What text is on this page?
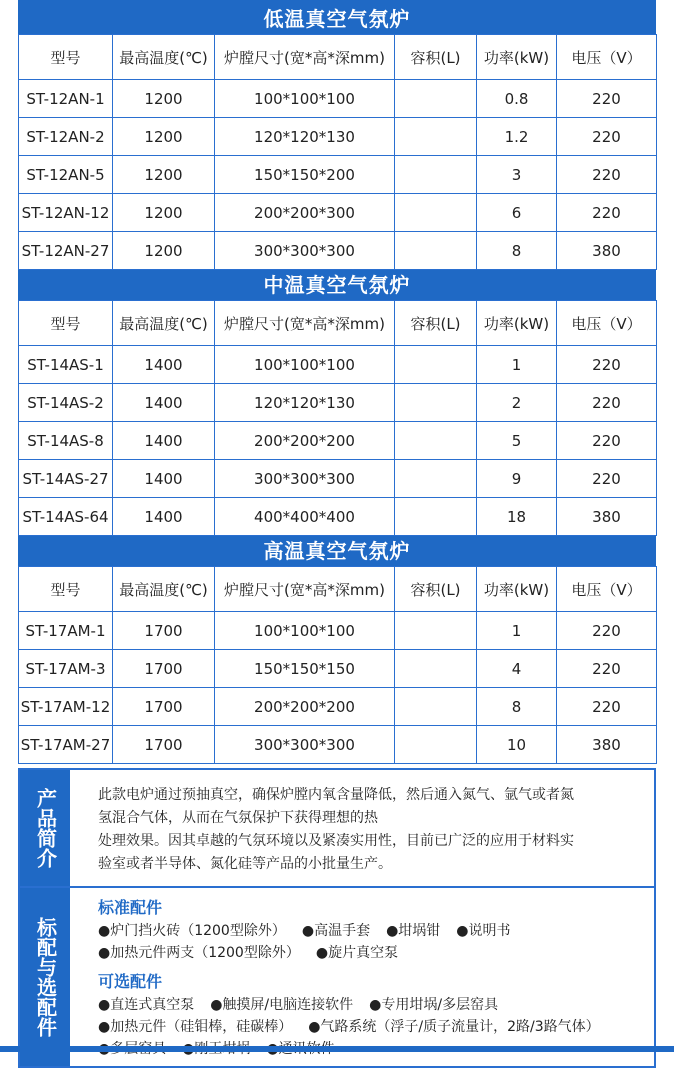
低温真空气氛炉
型号	最高温度(℃)	炉膛尺寸(宽*高*深mm)	容积(L)	功率(kW)	电压（V）
ST-12AN-1	1200	100*100*100		0.8	220
ST-12AN-2	1200	120*120*130		1.2	220
ST-12AN-5	1200	150*150*200		3	220
ST-12AN-12	1200	200*200*300		6	220
ST-12AN-27	1200	300*300*300		8	380
中温真空气氛炉
型号	最高温度(℃)	炉膛尺寸(宽*高*深mm)	容积(L)	功率(kW)	电压（V）
ST-14AS-1	1400	100*100*100		1	220
ST-14AS-2	1400	120*120*130		2	220
ST-14AS-8	1400	200*200*200		5	220
ST-14AS-27	1400	300*300*300		9	220
ST-14AS-64	1400	400*400*400		18	380
高温真空气氛炉
型号	最高温度(℃)	炉膛尺寸(宽*高*深mm)	容积(L)	功率(kW)	电压（V）
ST-17AM-1	1700	100*100*100		1	220
ST-17AM-3	1700	150*150*150		4	220
ST-17AM-12	1700	200*200*200		8	220
ST-17AM-27	1700	300*300*300		10	380
产品简介	此款电炉通过预抽真空，确保炉膛内氧含量降低，然后通入氮气、氩气或者氮
氢混合气体，从而在气氛保护下获得理想的热
处理效果。因其卓越的气氛环境以及紧凑实用性，目前已广泛的应用于材料实
验室或者半导体、氮化硅等产品的小批量生产。
标配与选配件
标准配件
●炉门挡火砖（1200型除外） ●高温手套 ●坩埚钳 ●说明书
●加热元件两支（1200型除外） ●旋片真空泵
可选配件
●直连式真空泵 ●触摸屏/电脑连接软件 ●专用坩埚/多层窑具
●加热元件（硅钼棒，硅碳棒） ●气路系统（浮子/质子流量计，2路/3路气体）
